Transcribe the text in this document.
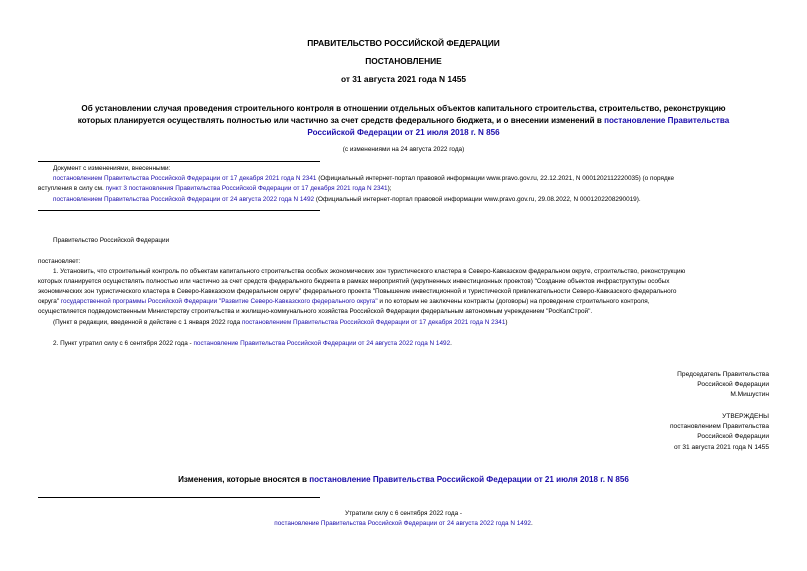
ПРАВИТЕЛЬСТВО РОССИЙСКОЙ ФЕДЕРАЦИИ
ПОСТАНОВЛЕНИЕ
от 31 августа 2021 года N 1455
Об установлении случая проведения строительного контроля в отношении отдельных объектов капитального строительства, строительство, реконструкцию
которых планируется осуществлять полностью или частично за счет средств федерального бюджета, и о внесении изменений в постановление Правительства
Российской Федерации от 21 июля 2018 г. N 856
(с изменениями на 24 августа 2022 года)
Документ с изменениями, внесенными:
постановлением Правительства Российской Федерации от 17 декабря 2021 года N 2341 (Официальный интернет-портал правовой информации www.pravo.gov.ru, 22.12.2021, N 0001202112220035) (о порядке
вступления в силу см. пункт 3 постановления Правительства Российской Федерации от 17 декабря 2021 года N 2341);
постановлением Правительства Российской Федерации от 24 августа 2022 года N 1492 (Официальный интернет-портал правовой информации www.pravo.gov.ru, 29.08.2022, N 0001202208290019).
Правительство Российской Федерации
постановляет:
1. Установить, что строительный контроль по объектам капитального строительства особых экономических зон туристического кластера в Северо-Кавказском федеральном округе, строительство, реконструкцию
которых планируется осуществлять полностью или частично за счет средств федерального бюджета в рамках мероприятий (укрупненных инвестиционных проектов) "Создание объектов инфраструктуры особых
экономических зон туристического кластера в Северо-Кавказском федеральном округе" федерального проекта "Повышение инвестиционной и туристической привлекательности Северо-Кавказского федерального
округа" государственной программы Российской Федерации "Развитие Северо-Кавказского федерального округа" и по которым не заключены контракты (договоры) на проведение строительного контроля,
осуществляется подведомственным Министерству строительства и жилищно-коммунального хозяйства Российской Федерации федеральным автономным учреждением "РосКапСтрой".
(Пункт в редакции, введенной в действие с 1 января 2022 года постановлением Правительства Российской Федерации от 17 декабря 2021 года N 2341)
2. Пункт утратил силу с 6 сентября 2022 года - постановление Правительства Российской Федерации от 24 августа 2022 года N 1492.
Председатель Правительства
Российской Федерации
М.Мишустин
УТВЕРЖДЕНЫ
постановлением Правительства
Российской Федерации
от 31 августа 2021 года N 1455
Изменения, которые вносятся в постановление Правительства Российской Федерации от 21 июля 2018 г. N 856
Утратили силу с 6 сентября 2022 года -
постановление Правительства Российской Федерации от 24 августа 2022 года N 1492.
